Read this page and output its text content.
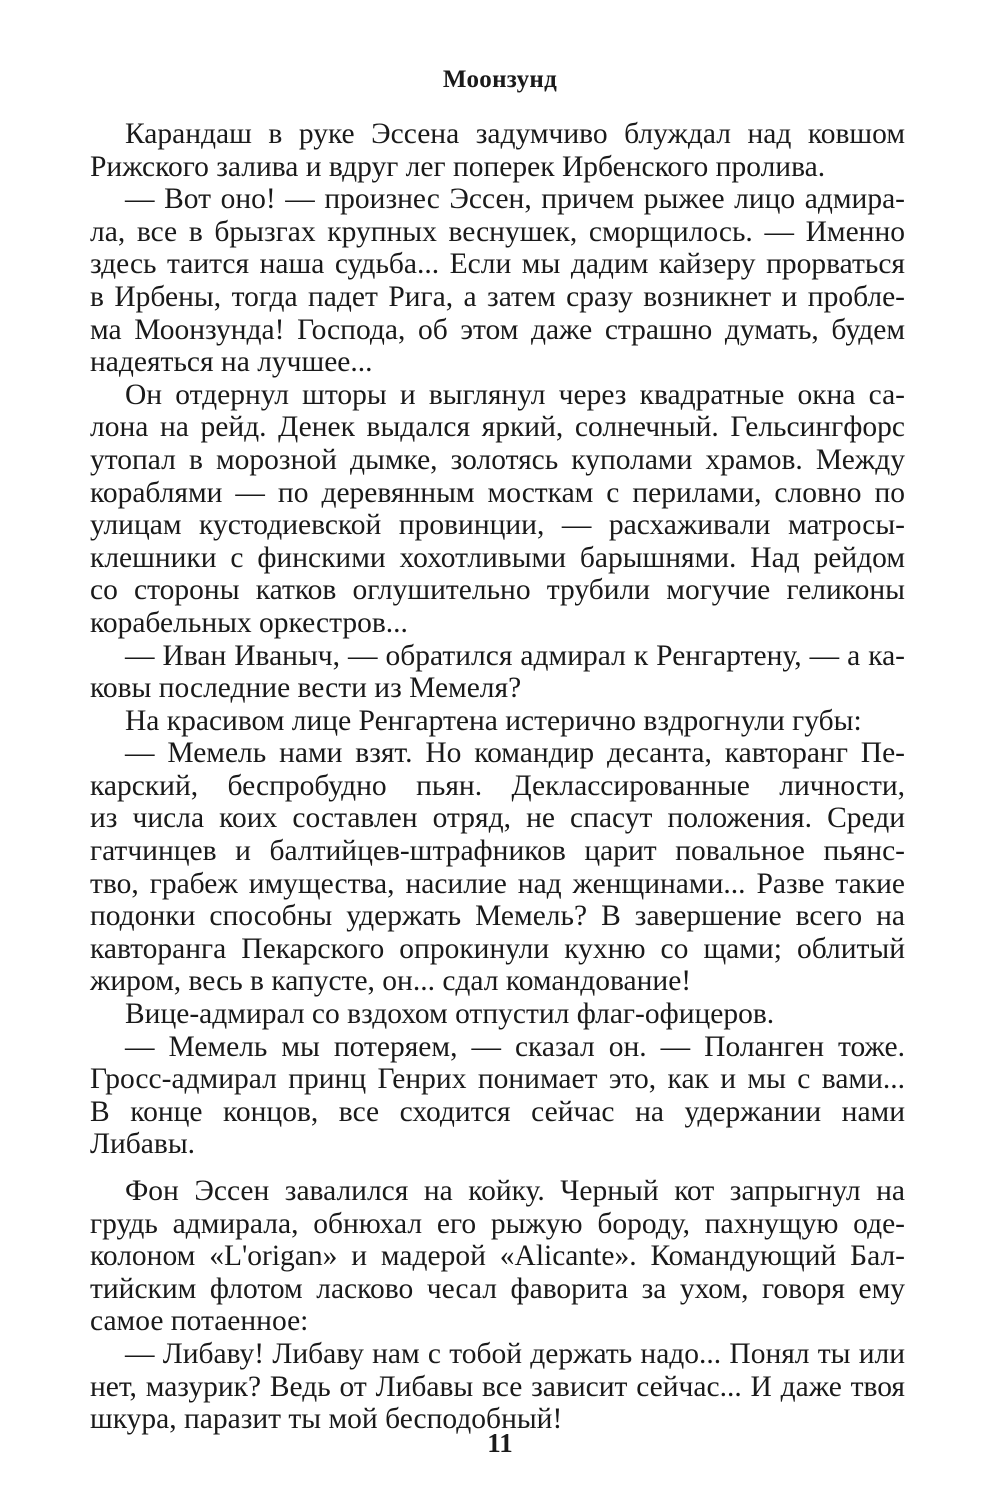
Моонзунд
Карандаш в руке Эссена задумчиво блуждал над ковшом
Рижского залива и вдруг лег поперек Ирбенского пролива.
— Вот оно! — произнес Эссен, причем рыжее лицо адмира-
ла, все в брызгах крупных веснушек, сморщилось. — Именно
здесь таится наша судьба... Если мы дадим кайзеру прорваться
в Ирбены, тогда падет Рига, а затем сразу возникнет и пробле-
ма Моонзунда! Господа, об этом даже страшно думать, будем
надеяться на лучшее...
Он отдернул шторы и выглянул через квадратные окна са-
лона на рейд. Денек выдался яркий, солнечный. Гельсингфорс
утопал в морозной дымке, золотясь куполами храмов. Между
кораблями — по деревянным мосткам с перилами, словно по
улицам кустодиевской провинции, — расхаживали матросы-
клешники с финскими хохотливыми барышнями. Над рейдом
со стороны катков оглушительно трубили могучие геликоны
корабельных оркестров...
— Иван Иваныч, — обратился адмирал к Ренгартену, — а ка-
ковы последние вести из Мемеля?
На красивом лице Ренгартена истерично вздрогнули губы:
— Мемель нами взят. Но командир десанта, кавторанг Пе-
карский, беспробудно пьян. Деклассированные личности,
из числа коих составлен отряд, не спасут положения. Среди
гатчинцев и балтийцев-штрафников царит повальное пьянс-
тво, грабеж имущества, насилие над женщинами... Разве такие
подонки способны удержать Мемель? В завершение всего на
кавторанга Пекарского опрокинули кухню со щами; облитый
жиром, весь в капусте, он... сдал командование!
Вице-адмирал со вздохом отпустил флаг-офицеров.
— Мемель мы потеряем, — сказал он. — Поланген тоже.
Гросс-адмирал принц Генрих понимает это, как и мы с вами...
В конце концов, все сходится сейчас на удержании нами
Либавы.
Фон Эссен завалился на койку. Черный кот запрыгнул на
грудь адмирала, обнюхал его рыжую бороду, пахнущую оде-
колоном «L'origan» и мадерой «Alicante». Командующий Бал-
тийским флотом ласково чесал фаворита за ухом, говоря ему
самое потаенное:
— Либаву! Либаву нам с тобой держать надо... Понял ты или
нет, мазурик? Ведь от Либавы все зависит сейчас... И даже твоя
шкура, паразит ты мой бесподобный!
11
